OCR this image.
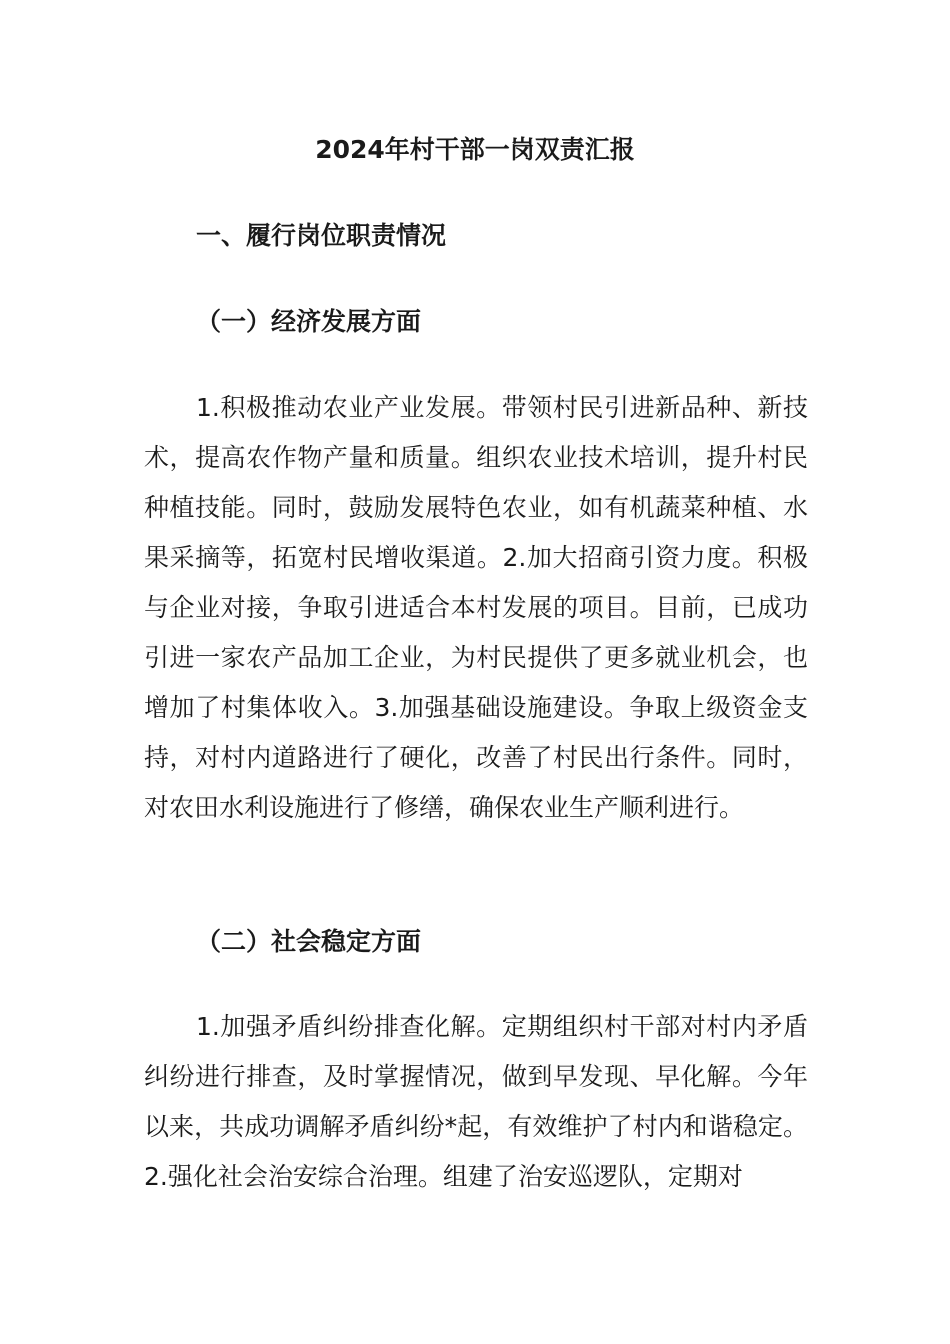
2024年村干部一岗双责汇报
一、履行岗位职责情况
（一）经济发展方面

1.积极推动农业产业发展。带领村民引进新品种、新技术，提高农作物产量和质量。组织农业技术培训，提升村民种植技能。同时，鼓励发展特色农业，如有机蔬菜种植、水果采摘等，拓宽村民增收渠道。2.加大招商引资力度。积极与企业对接，争取引进适合本村发展的项目。目前，已成功引进一家农产品加工企业，为村民提供了更多就业机会，也增加了村集体收入。3.加强基础设施建设。争取上级资金支持，对村内道路进行了硬化，改善了村民出行条件。同时，对农田水利设施进行了修缮，确保农业生产顺利进行。

（二）社会稳定方面

1.加强矛盾纠纷排查化解。定期组织村干部对村内矛盾纠纷进行排查，及时掌握情况，做到早发现、早化解。今年以来，共成功调解矛盾纠纷*起，有效维护了村内和谐稳定。2.强化社会治安综合治理。组建了治安巡逻队，定期对
